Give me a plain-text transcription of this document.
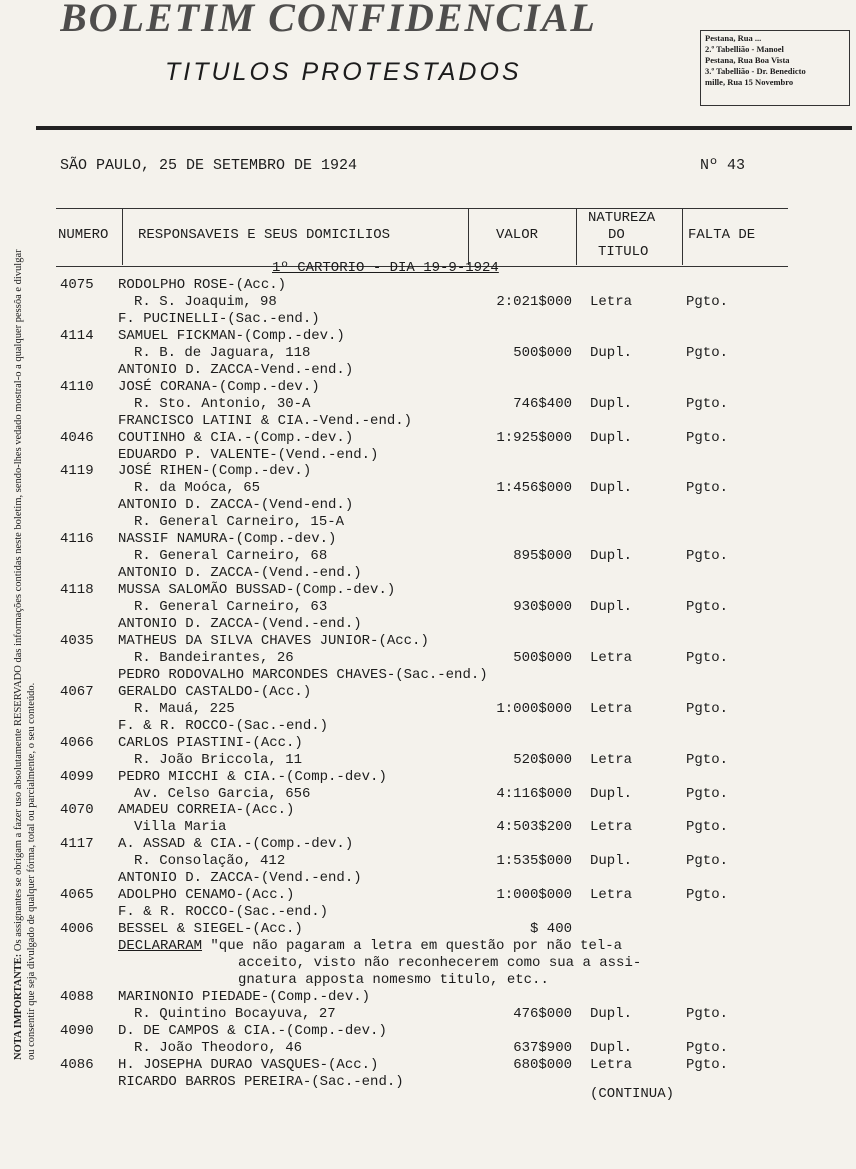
BOLETIM CONFIDENCIAL
TITULOS PROTESTADOS
Pestana, Rua ...
2.º Tabellião - Manoel
Pestana, Rua Boa Vista
3.º Tabellião - Dr. Benedicto
mille, Rua 15 Novembro
SÃO PAULO, 25 DE SETEMBRO DE 1924	Nº 43
NOTA IMPORTANTE: Os assignantes se obrigam a fazer uso absolutamente RESERVADO das informações contidas neste boletim, sendo-lhes vedado mostral-o a qualquer pessôa e divulgar ou consentir que seja divulgado de qualquer fórma, total ou parcialmente, o seu conteúdo.
NUMERO RESPONSAVEIS E SEUS DOMICILIOS	VALOR
NATUREZA
DO
TITULO
FALTA DE

1º CARTORIO - DIA 19-9-1924

4075 RODOLPHO ROSE-(Acc.)
R. S. Joaquim, 98	2:021$000 Letra	Pgto.
F. PUCINELLI-(Sac.-end.)
4114 SAMUEL FICKMAN-(Comp.-dev.)
R. B. de Jaguara, 118	500$000 Dupl.	Pgto.
ANTONIO D. ZACCA-Vend.-end.)
4110 JOSÉ CORANA-(Comp.-dev.)
R. Sto. Antonio, 30-A	746$400 Dupl.	Pgto.
FRANCISCO LATINI & CIA.-Vend.-end.)
4046 COUTINHO & CIA.-(Comp.-dev.)	1:925$000 Dupl.	Pgto.
EDUARDO P. VALENTE-(Vend.-end.)
4119 JOSÉ RIHEN-(Comp.-dev.)
R. da Moóca, 65	1:456$000 Dupl.	Pgto.
ANTONIO D. ZACCA-(Vend-end.)
R. General Carneiro, 15-A
4116 NASSIF NAMURA-(Comp.-dev.)
R. General Carneiro, 68	895$000 Dupl.	Pgto.
ANTONIO D. ZACCA-(Vend.-end.)
4118 MUSSA SALOMÃO BUSSAD-(Comp.-dev.)
R. General Carneiro, 63	930$000 Dupl.	Pgto.
ANTONIO D. ZACCA-(Vend.-end.)
4035 MATHEUS DA SILVA CHAVES JUNIOR-(Acc.)
R. Bandeirantes, 26	500$000 Letra	Pgto.
PEDRO RODOVALHO MARCONDES CHAVES-(Sac.-end.)
4067 GERALDO CASTALDO-(Acc.)
R. Mauá, 225	1:000$000 Letra	Pgto.
F. & R. ROCCO-(Sac.-end.)
4066 CARLOS PIASTINI-(Acc.)
R. João Briccola, 11	520$000 Letra	Pgto.
4099 PEDRO MICCHI & CIA.-(Comp.-dev.)
Av. Celso Garcia, 656	4:116$000 Dupl.	Pgto.
4070 AMADEU CORREIA-(Acc.)
Villa Maria	4:503$200 Letra	Pgto.
4117 A. ASSAD & CIA.-(Comp.-dev.)
R. Consolação, 412	1:535$000 Dupl.	Pgto.
ANTONIO D. ZACCA-(Vend.-end.)
4065 ADOLPHO CENAMO-(Acc.)	1:000$000 Letra	Pgto.
F. & R. ROCCO-(Sac.-end.)
4006 BESSEL & SIEGEL-(Acc.)	$ 400
DECLARARAM "que não pagaram a letra em questão por não tel-a
acceito, visto não reconhecerem como sua a assi-
gnatura apposta nomesmo titulo, etc..
4088 MARINONIO PIEDADE-(Comp.-dev.)
R. Quintino Bocayuva, 27	476$000 Dupl.	Pgto.
4090 D. DE CAMPOS & CIA.-(Comp.-dev.)
R. João Theodoro, 46	637$900 Dupl.	Pgto.
4086 H. JOSEPHA DURAO VASQUES-(Acc.)	680$000 Letra	Pgto.
RICARDO BARROS PEREIRA-(Sac.-end.)
(CONTINUA)
